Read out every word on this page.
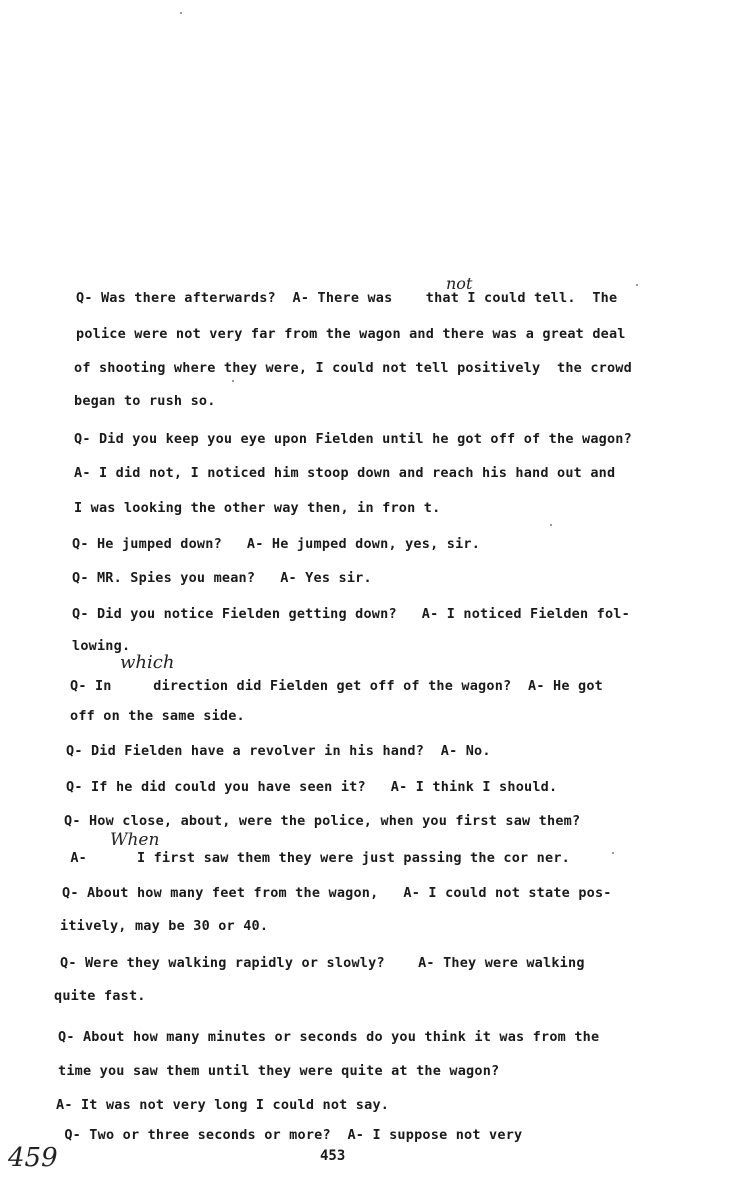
Q- Was there afterwards?  A- There was    that I could tell.  The
not
police were not very far from the wagon and there was a great deal
of shooting where they were, I could not tell positively  the crowd
began to rush so.
Q- Did you keep you eye upon Fielden until he got off of the wagon?
A- I did not, I noticed him stoop down and reach his hand out and
I was looking the other way then, in fron t.
Q- He jumped down?   A- He jumped down, yes, sir.
Q- MR. Spies you mean?   A- Yes sir.
Q- Did you notice Fielden getting down?   A- I noticed Fielden fol-
lowing.
Q- In     direction did Fielden get off of the wagon?  A- He got
which
off on the same side.
Q- Did Fielden have a revolver in his hand?  A- No.
Q- If he did could you have seen it?   A- I think I should.
Q- How close, about, were the police, when you first saw them?
A-      I first saw them they were just passing the cor ner.
When
Q- About how many feet from the wagon,   A- I could not state pos-
itively, may be 30 or 40.
Q- Were they walking rapidly or slowly?    A- They were walking
quite fast.
Q- About how many minutes or seconds do you think it was from the
time you saw them until they were quite at the wagon?
A- It was not very long I could not say.
Q- Two or three seconds or more?  A- I suppose not very
453
459
